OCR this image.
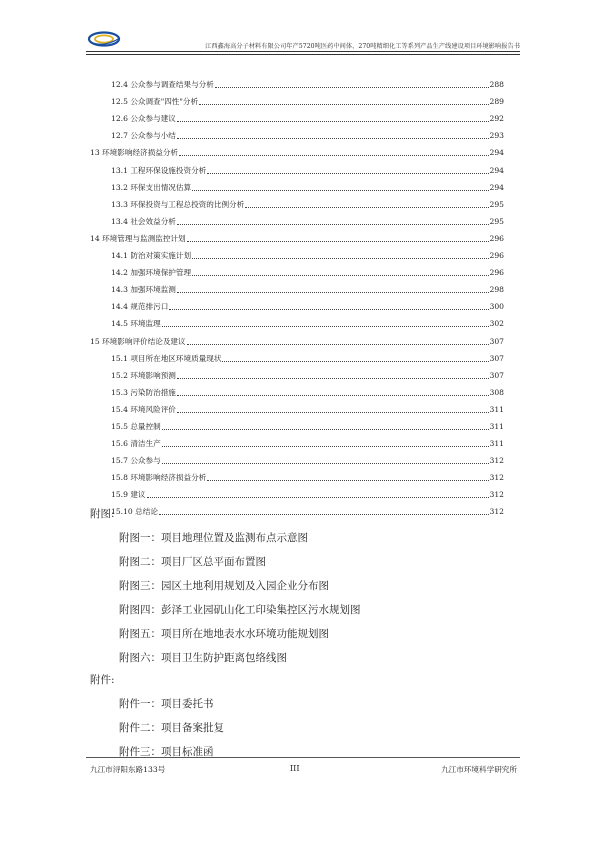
江西鑫海高分子材料有限公司年产5720吨医药中间体、270吨精细化工等系列产品生产线建设项目环境影响报告书
12.4 公众参与调查结果与分析	288
12.5 公众调查"四性"分析	289
12.6 公众参与建议	292
12.7 公众参与小结	293
13 环境影响经济损益分析	294
13.1 工程环保设施投资分析	294
13.2 环保支出情况估算	294
13.3 环保投资与工程总投资的比例分析	295
13.4 社会效益分析	295
14 环境管理与监测监控计划	296
14.1 防治对策实施计划	296
14.2 加强环境保护管理	296
14.3 加强环境监测	298
14.4 规范排污口	300
14.5 环境监理	302
15 环境影响评价结论及建议	307
15.1 项目所在地区环境质量现状	307
15.2 环境影响预测	307
15.3 污染防治措施	308
15.4 环境风险评价	311
15.5 总量控制	311
15.6 清洁生产	311
15.7 公众参与	312
15.8 环境影响经济损益分析	312
15.9 建议	312
15.10 总结论	312
附图:
附图一：项目地理位置及监测布点示意图
附图二：项目厂区总平面布置图
附图三：园区土地利用规划及入园企业分布图
附图四：彭泽工业园矶山化工印染集控区污水规划图
附图五：项目所在地地表水水环境功能规划图
附图六：项目卫生防护距离包络线图
附件:
附件一：项目委托书
附件二：项目备案批复
附件三：项目标准函
九江市浔阳东路133号	III	九江市环境科学研究所
